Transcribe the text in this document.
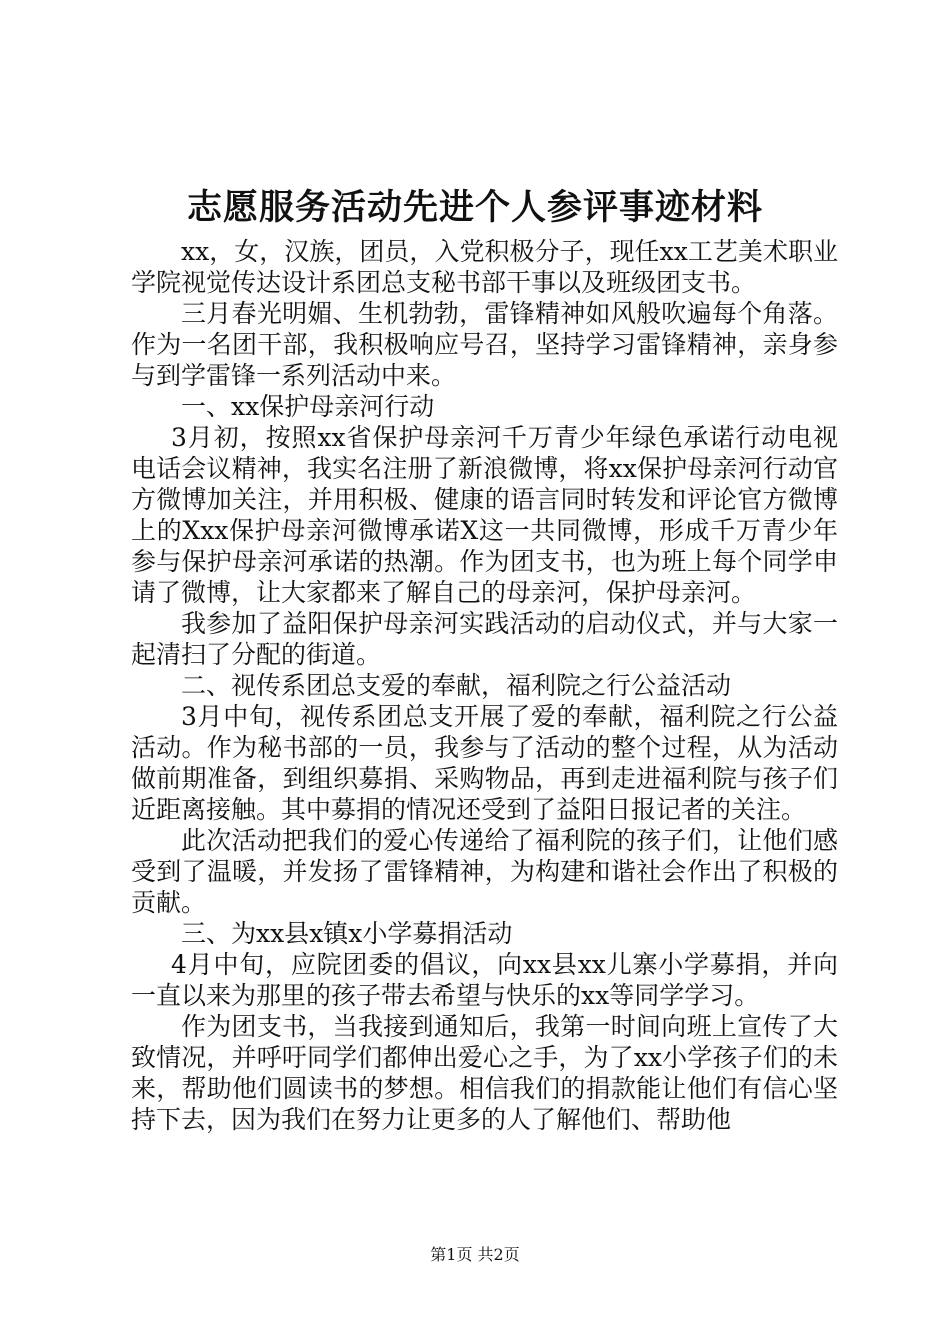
志愿服务活动先进个人参评事迹材料

xx，女，汉族，团员，入党积极分子，现任xx工艺美术职业学院视觉传达设计系团总支秘书部干事以及班级团支书。

三月春光明媚、生机勃勃，雷锋精神如风般吹遍每个角落。作为一名团干部，我积极响应号召，坚持学习雷锋精神，亲身参与到学雷锋一系列活动中来。

一、xx保护母亲河行动

3月初，按照xx省保护母亲河千万青少年绿色承诺行动电视电话会议精神，我实名注册了新浪微博，将xx保护母亲河行动官方微博加关注，并用积极、健康的语言同时转发和评论官方微博上的Xxx保护母亲河微博承诺X这一共同微博，形成千万青少年参与保护母亲河承诺的热潮。作为团支书，也为班上每个同学申请了微博，让大家都来了解自己的母亲河，保护母亲河。

我参加了益阳保护母亲河实践活动的启动仪式，并与大家一起清扫了分配的街道。

二、视传系团总支爱的奉献，福利院之行公益活动

3月中旬，视传系团总支开展了爱的奉献，福利院之行公益活动。作为秘书部的一员，我参与了活动的整个过程，从为活动做前期准备，到组织募捐、采购物品，再到走进福利院与孩子们近距离接触。其中募捐的情况还受到了益阳日报记者的关注。

此次活动把我们的爱心传递给了福利院的孩子们，让他们感受到了温暖，并发扬了雷锋精神，为构建和谐社会作出了积极的贡献。

三、为xx县x镇x小学募捐活动

4月中旬，应院团委的倡议，向xx县xx儿寨小学募捐，并向一直以来为那里的孩子带去希望与快乐的xx等同学学习。

作为团支书，当我接到通知后，我第一时间向班上宣传了大致情况，并呼吁同学们都伸出爱心之手，为了xx小学孩子们的未来，帮助他们圆读书的梦想。相信我们的捐款能让他们有信心坚持下去，因为我们在努力让更多的人了解他们、帮助他

第1页 共2页
